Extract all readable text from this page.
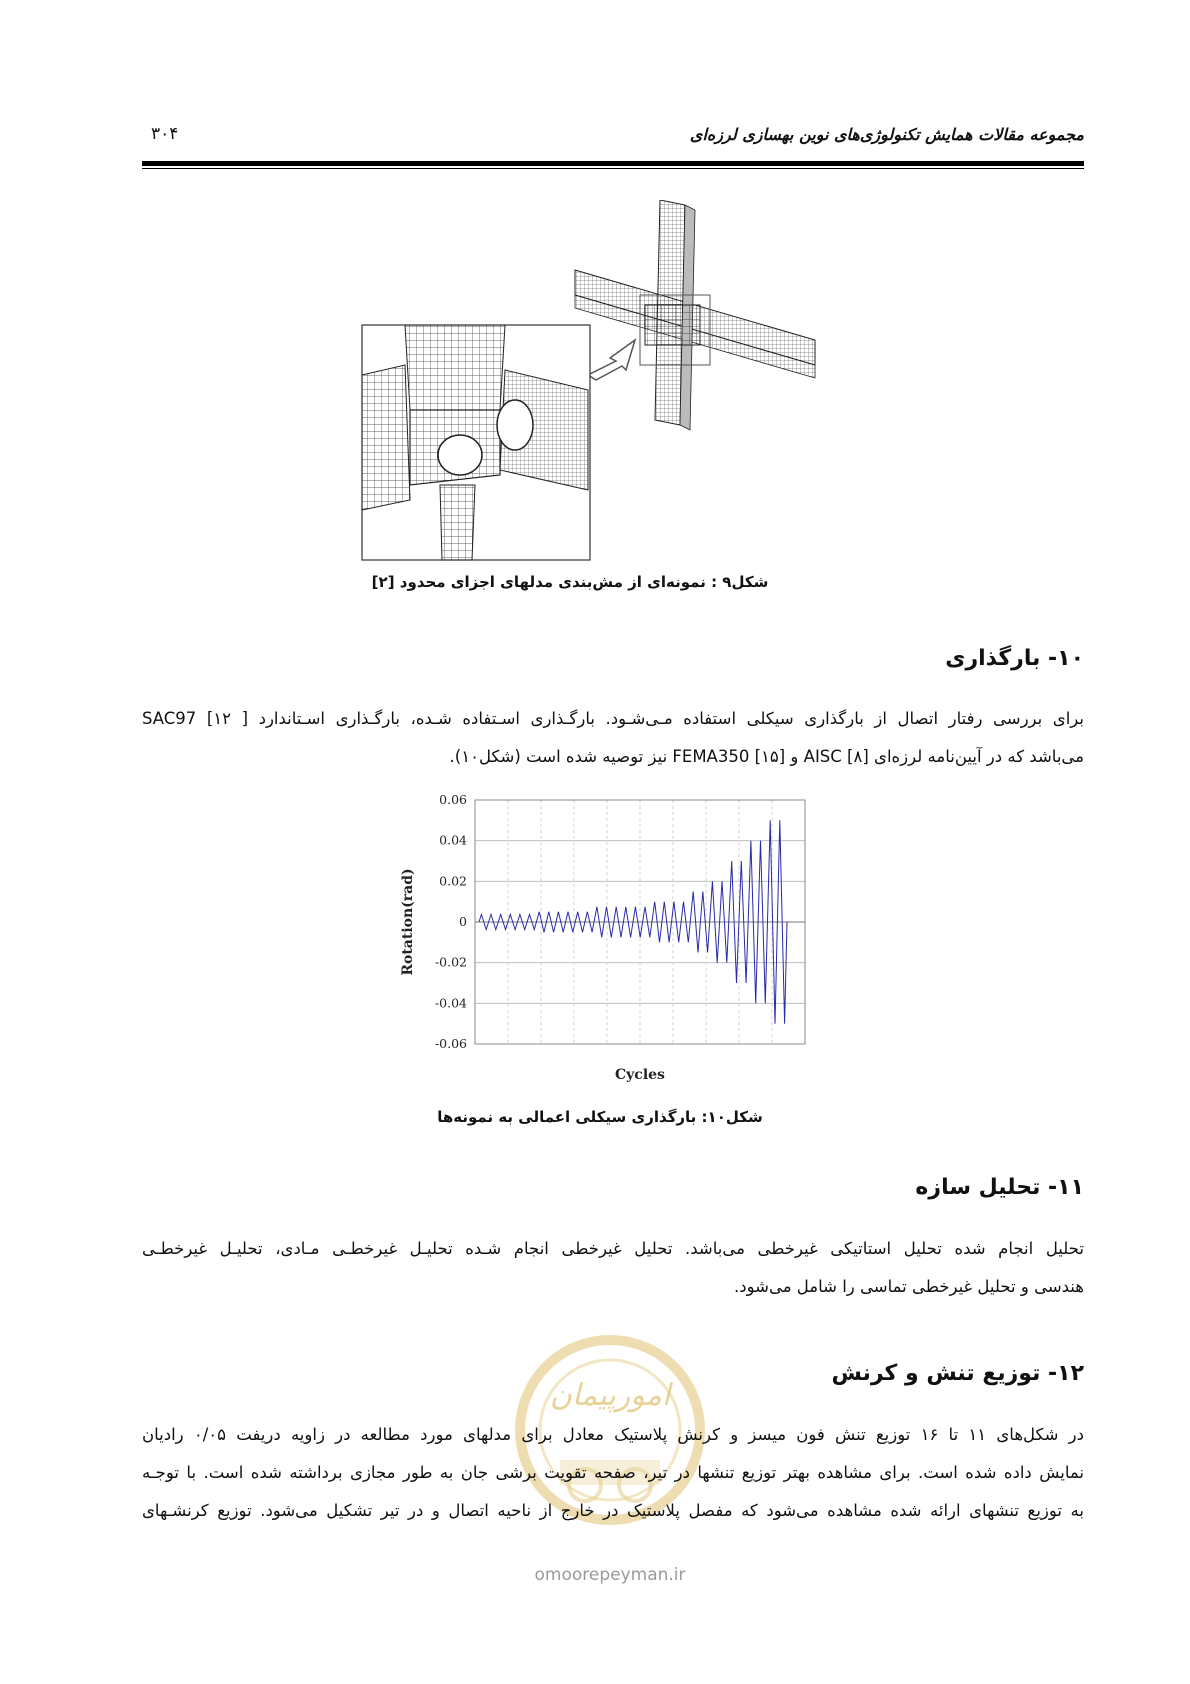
مجموعه مقالات همایش تکنولوژی‌های نوین بهسازی لرزه‌ای
۳۰۴
شکل۹ : نمونه‌ای از مش‌بندی مدلهای اجزای محدود [۲]
۱۰- بارگذاری
برای بررسی رفتار اتصال از بارگذاری سیکلی استفاده مـی‌شـود. بارگـذاری اسـتفاده شـده، بارگـذاری اسـتاندارد SAC97 [۱۲ ]
می‌باشد که در آیین‌نامه لرزه‌ای AISC [۸] و FEMA350 [۱۵] نیز توصیه شده است (شکل۱۰).
0.06
0.04
0.02
0
-0.02
-0.04
-0.06
Rotation(rad)
Cycles
شکل۱۰: بارگذاری سیکلی اعمالی به نمونه‌ها
۱۱- تحلیل سازه
تحلیل انجام شده تحلیل استاتیکی غیرخطی می‌باشد. تحلیل غیرخطی انجام شـده تحلیـل غیرخطـی مـادی، تحلیـل غیرخطـی
هندسی و تحلیل غیرخطی تماسی را شامل می‌شود.
امورپیمان
omoorepeyman.ir
۱۲- توزیع تنش و کرنش
در شکل‌های ۱۱ تا ۱۶ توزیع تنش فون میسز و کرنش پلاستیک معادل برای مدلهای مورد مطالعه در زاویه دریفت ۰/۰۵ رادیان
نمایش داده شده است. برای مشاهده بهتر توزیع تنشها در تیر، صفحه تقویت برشی جان به طور مجازی برداشته شده است. با توجـه
به توزیع تنشهای ارائه شده مشاهده می‌شود که مفصل پلاستیک در خارج از ناحیه اتصال و در تیر تشکیل می‌شود. توزیع کرنشـهای
